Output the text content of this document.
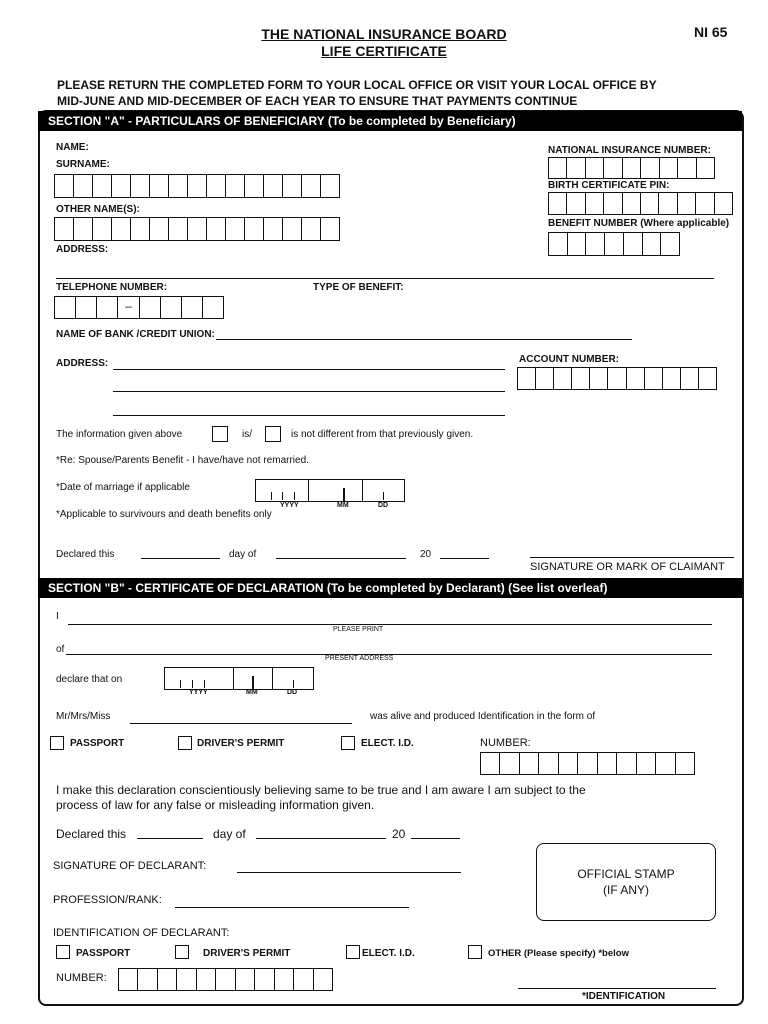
THE NATIONAL INSURANCE BOARD
LIFE CERTIFICATE
NI 65
PLEASE RETURN THE COMPLETED FORM TO YOUR LOCAL OFFICE OR VISIT YOUR LOCAL OFFICE BY
MID-JUNE AND MID-DECEMBER OF EACH YEAR TO ENSURE THAT PAYMENTS CONTINUE
SECTION "A" - PARTICULARS OF BENEFICIARY (To be completed by Beneficiary)
NAME:
SURNAME:
OTHER NAME(S):
ADDRESS:
NATIONAL INSURANCE NUMBER:
BIRTH CERTIFICATE PIN:
BENEFIT NUMBER (Where applicable)
TELEPHONE NUMBER:
–
TYPE OF BENEFIT:
NAME OF BANK /CREDIT UNION:
ADDRESS:	ACCOUNT NUMBER:
The information given above	is/	is not different from that previously given.
*Re: Spouse/Parents Benefit - I have/have not remarried.
*Date of marriage if applicable
YYYY	MM	DD
*Applicable to survivours and death benefits only
Declared this	day of	20
SIGNATURE OR MARK OF CLAIMANT
SECTION "B" - CERTIFICATE OF DECLARATION (To be completed by Declarant) (See list overleaf)
I
PLEASE PRINT
of
PRESENT ADDRESS
declare that on
YYYY	MM	DD
Mr/Mrs/Miss	was alive and produced Identification in the form of
PASSPORT	DRIVER'S PERMIT	ELECT. I.D.	NUMBER:
I make this declaration conscientiously believing same to be true and I am aware I am subject to the
process of law for any false or misleading information given.
Declared this	day of	20
SIGNATURE OF DECLARANT:
PROFESSION/RANK:
OFFICIAL STAMP
(IF ANY)
IDENTIFICATION OF DECLARANT:
PASSPORT	DRIVER'S PERMIT	ELECT. I.D.	OTHER (Please specify) *below
NUMBER:
*IDENTIFICATION
